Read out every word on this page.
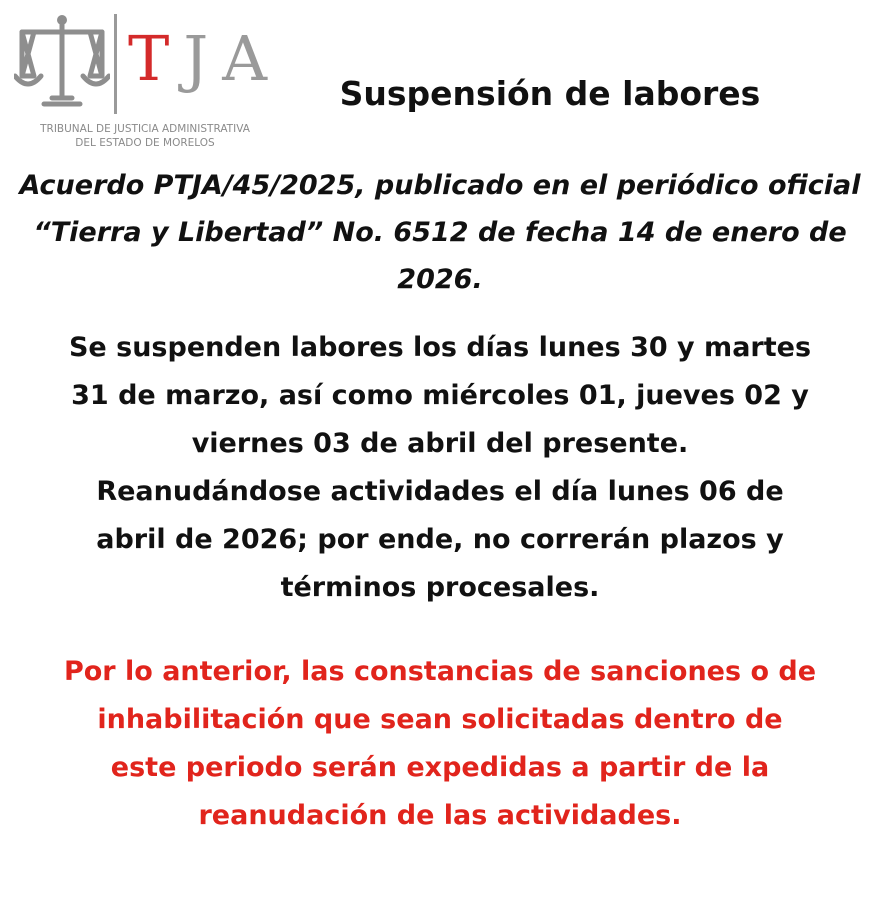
TJA
TRIBUNAL DE JUSTICIA ADMINISTRATIVA
DEL ESTADO DE MORELOS
Suspensión de labores

Acuerdo PTJA/45/2025, publicado en el periódico oficial “Tierra y Libertad” No. 6512 de fecha 14 de enero de 2026.

Se suspenden labores los días lunes 30 y martes
31 de marzo, así como miércoles 01, jueves 02 y
viernes 03 de abril del presente.
Reanudándose actividades el día lunes 06 de
abril de 2026; por ende, no correrán plazos y
términos procesales.
Por lo anterior, las constancias de sanciones o de
inhabilitación que sean solicitadas dentro de
este periodo serán expedidas a partir de la
reanudación de las actividades.
